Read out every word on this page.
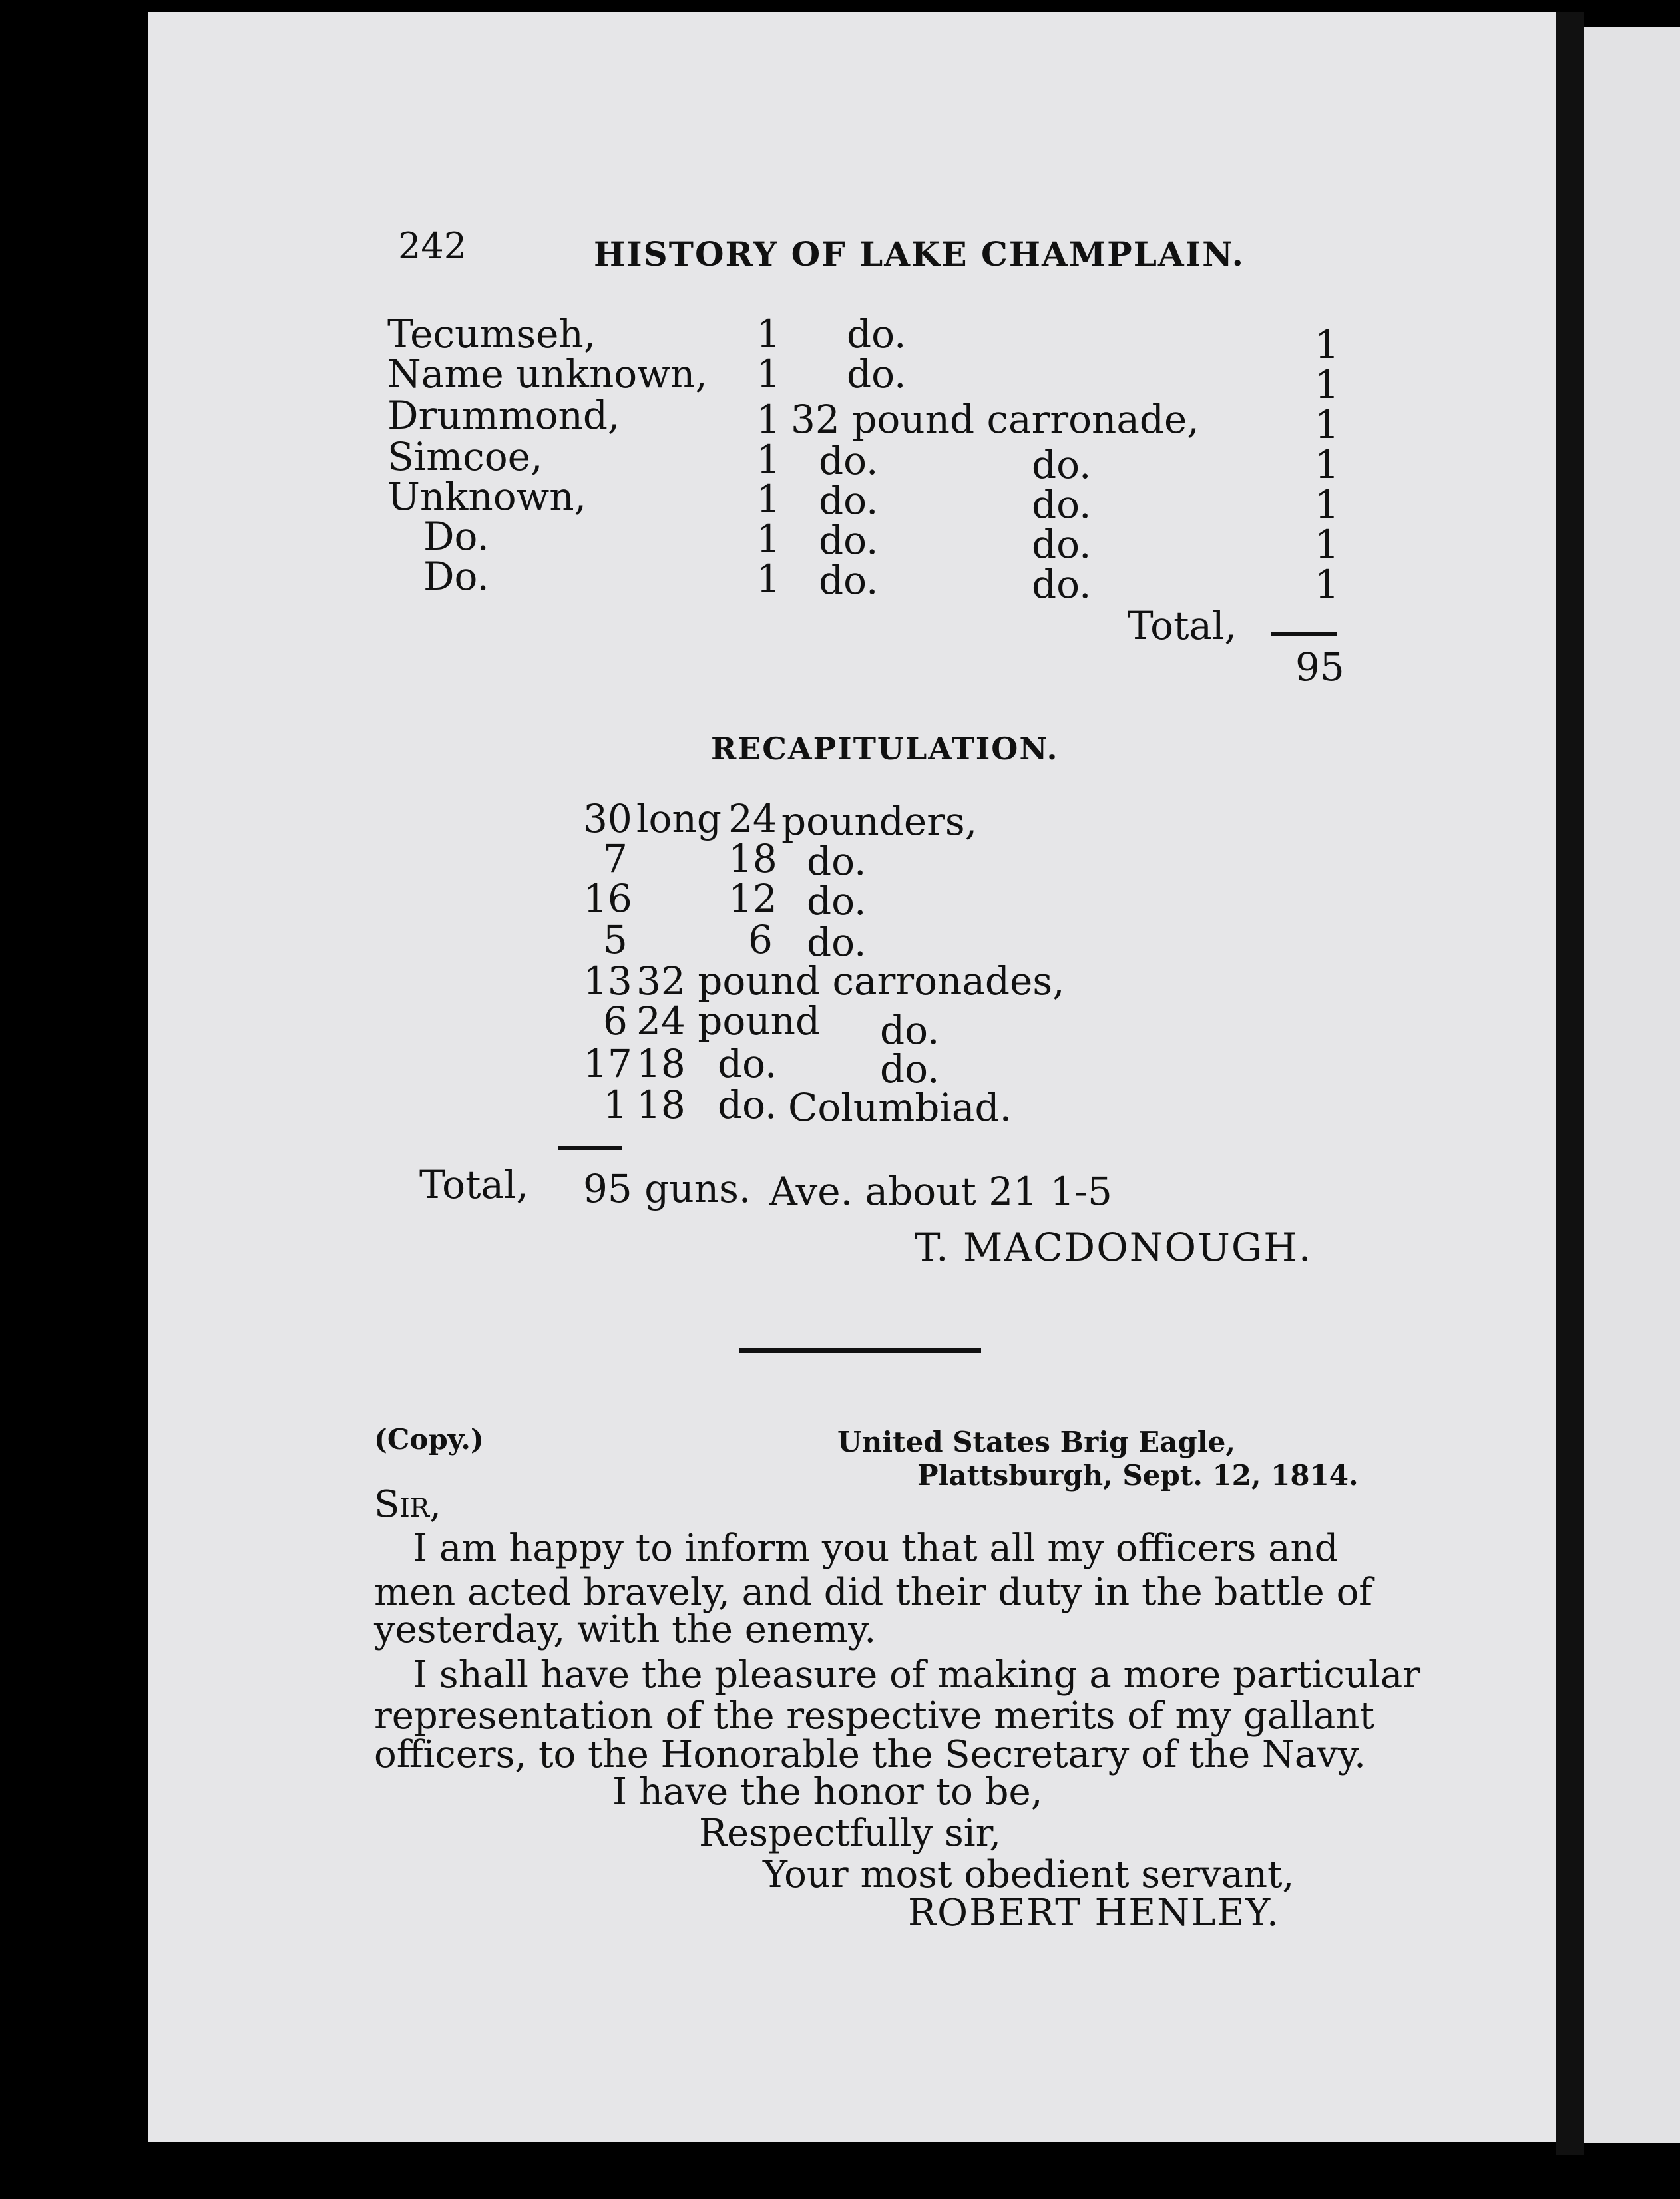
242	HISTORY OF LAKE CHAMPLAIN.
Tecumseh,	1 do.	1
Name unknown, 1 do.	1
Drummond,	1 32 pound carronade,	1
Simcoe,	1 do.	do.	1
Unknown,	1 do.	do.	1
Do.	1 do.	do.	1
Do.	1 do.	do.	1
Total,
95
RECAPITULATION.
30 long 24 pounders,
7	18 do.
16 12 do.
5	6 do.
13 32 pound carronades,
6 24 pound do.
17 18 do.	do.
1 18 do. Columbiad.
Total, 95 guns. Ave. about 21 1-5
T. MACDONOUGH.
(Copy.)	United States Brig Eagle,
Plattsburgh, Sept. 12, 1814.
Sir,
I am happy to inform you that all my officers and
men acted bravely, and did their duty in the battle of
yesterday, with the enemy.
I shall have the pleasure of making a more particular
representation of the respective merits of my gallant
officers, to the Honorable the Secretary of the Navy.
I have the honor to be,
Respectfully sir,
Your most obedient servant,
ROBERT HENLEY.
